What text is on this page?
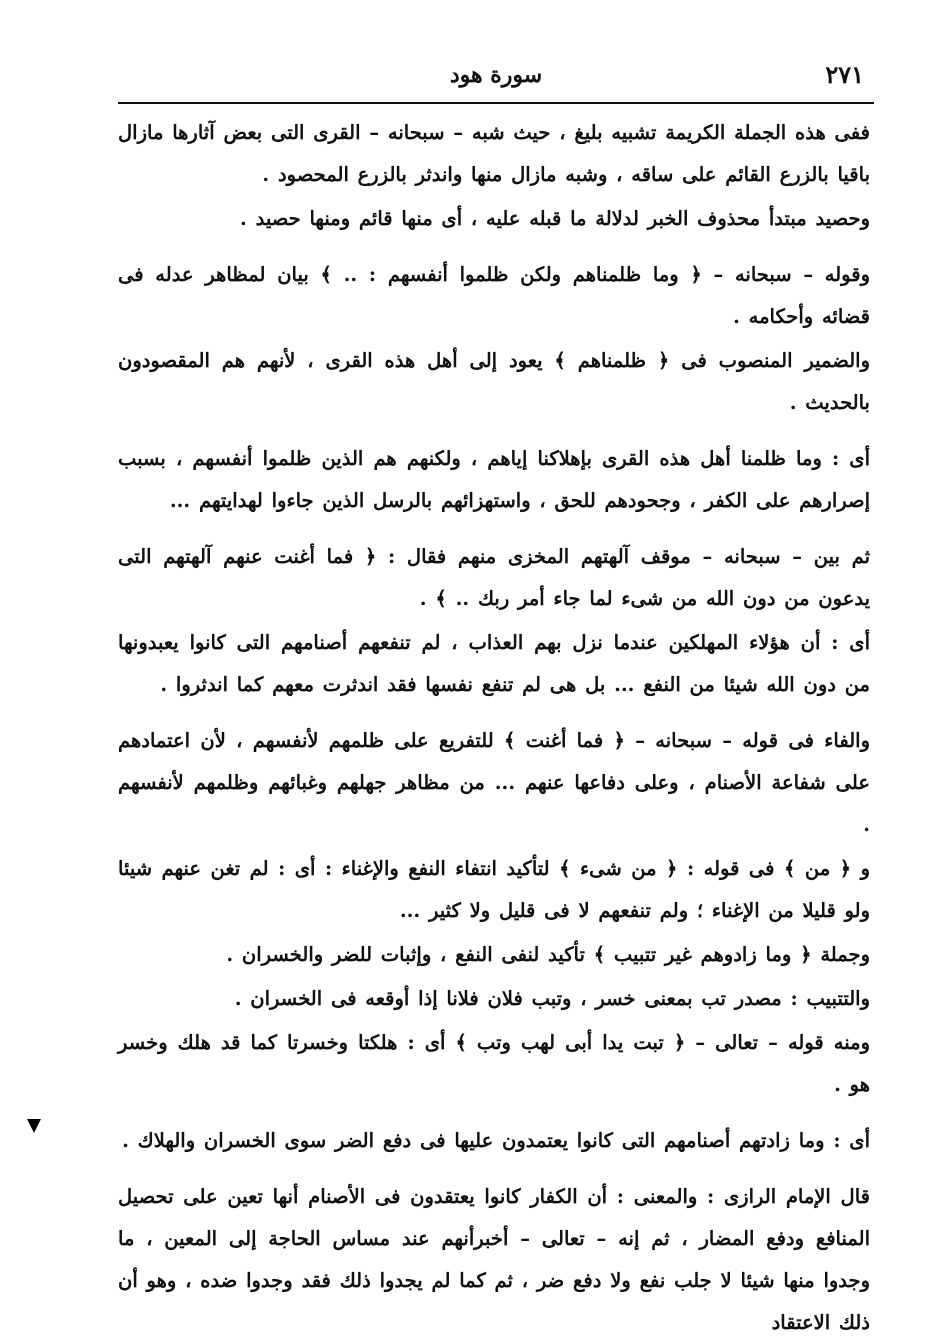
٢٧١
سورة هود

ففى هذه الجملة الكريمة تشبيه بليغ ، حيث شبه – سبحانه – القرى التى بعض آثارها مازال باقيا بالزرع القائم على ساقه ، وشبه مازال منها واندثر بالزرع المحصود .

وحصيد مبتدأ محذوف الخبر لدلالة ما قبله عليه ، أى منها قائم ومنها حصيد .

وقوله – سبحانه – ﴿ وما ظلمناهم ولكن ظلموا أنفسهم : .. ﴾ بيان لمظاهر عدله فى قضائه وأحكامه .

والضمير المنصوب فى ﴿ ظلمناهم ﴾ يعود إلى أهل هذه القرى ، لأنهم هم المقصودون بالحديث .

أى : وما ظلمنا أهل هذه القرى بإهلاكنا إياهم ، ولكنهم هم الذين ظلموا أنفسهم ، بسبب إصرارهم على الكفر ، وجحودهم للحق ، واستهزائهم بالرسل الذين جاءوا لهدايتهم ...

ثم بين – سبحانه – موقف آلهتهم المخزى منهم فقال : ﴿ فما أغنت عنهم آلهتهم التى يدعون من دون الله من شىء لما جاء أمر ربك .. ﴾ .

أى : أن هؤلاء المهلكين عندما نزل بهم العذاب ، لم تنفعهم أصنامهم التى كانوا يعبدونها من دون الله شيئا من النفع ... بل هى لم تنفع نفسها فقد اندثرت معهم كما اندثروا .

والفاء فى قوله – سبحانه – ﴿ فما أغنت ﴾ للتفريع على ظلمهم لأنفسهم ، لأن اعتمادهم على شفاعة الأصنام ، وعلى دفاعها عنهم ... من مظاهر جهلهم وغبائهم وظلمهم لأنفسهم .

و ﴿ من ﴾ فى قوله : ﴿ من شىء ﴾ لتأكيد انتفاء النفع والإغناء : أى : لم تغن عنهم شيئا ولو قليلا من الإغناء ؛ ولم تنفعهم لا فى قليل ولا كثير ...

وجملة ﴿ وما زادوهم غير تتبيب ﴾ تأكيد لنفى النفع ، وإثبات للضر والخسران .

والتتبيب : مصدر تب بمعنى خسر ، وتبب فلان فلانا إذا أوقعه فى الخسران .

ومنه قوله – تعالى – ﴿ تبت يدا أبى لهب وتب ﴾ أى : هلكتا وخسرتا كما قد هلك وخسر هو .

أى : وما زادتهم أصنامهم التى كانوا يعتمدون عليها فى دفع الضر سوى الخسران والهلاك .

قال الإمام الرازى : والمعنى : أن الكفار كانوا يعتقدون فى الأصنام أنها تعين على تحصيل المنافع ودفع المضار ، ثم إنه – تعالى – أخبرأنهم عند مساس الحاجة إلى المعين ، ما وجدوا منها شيئا لا جلب نفع ولا دفع ضر ، ثم كما لم يجدوا ذلك فقد وجدوا ضده ، وهو أن ذلك الاعتقاد
